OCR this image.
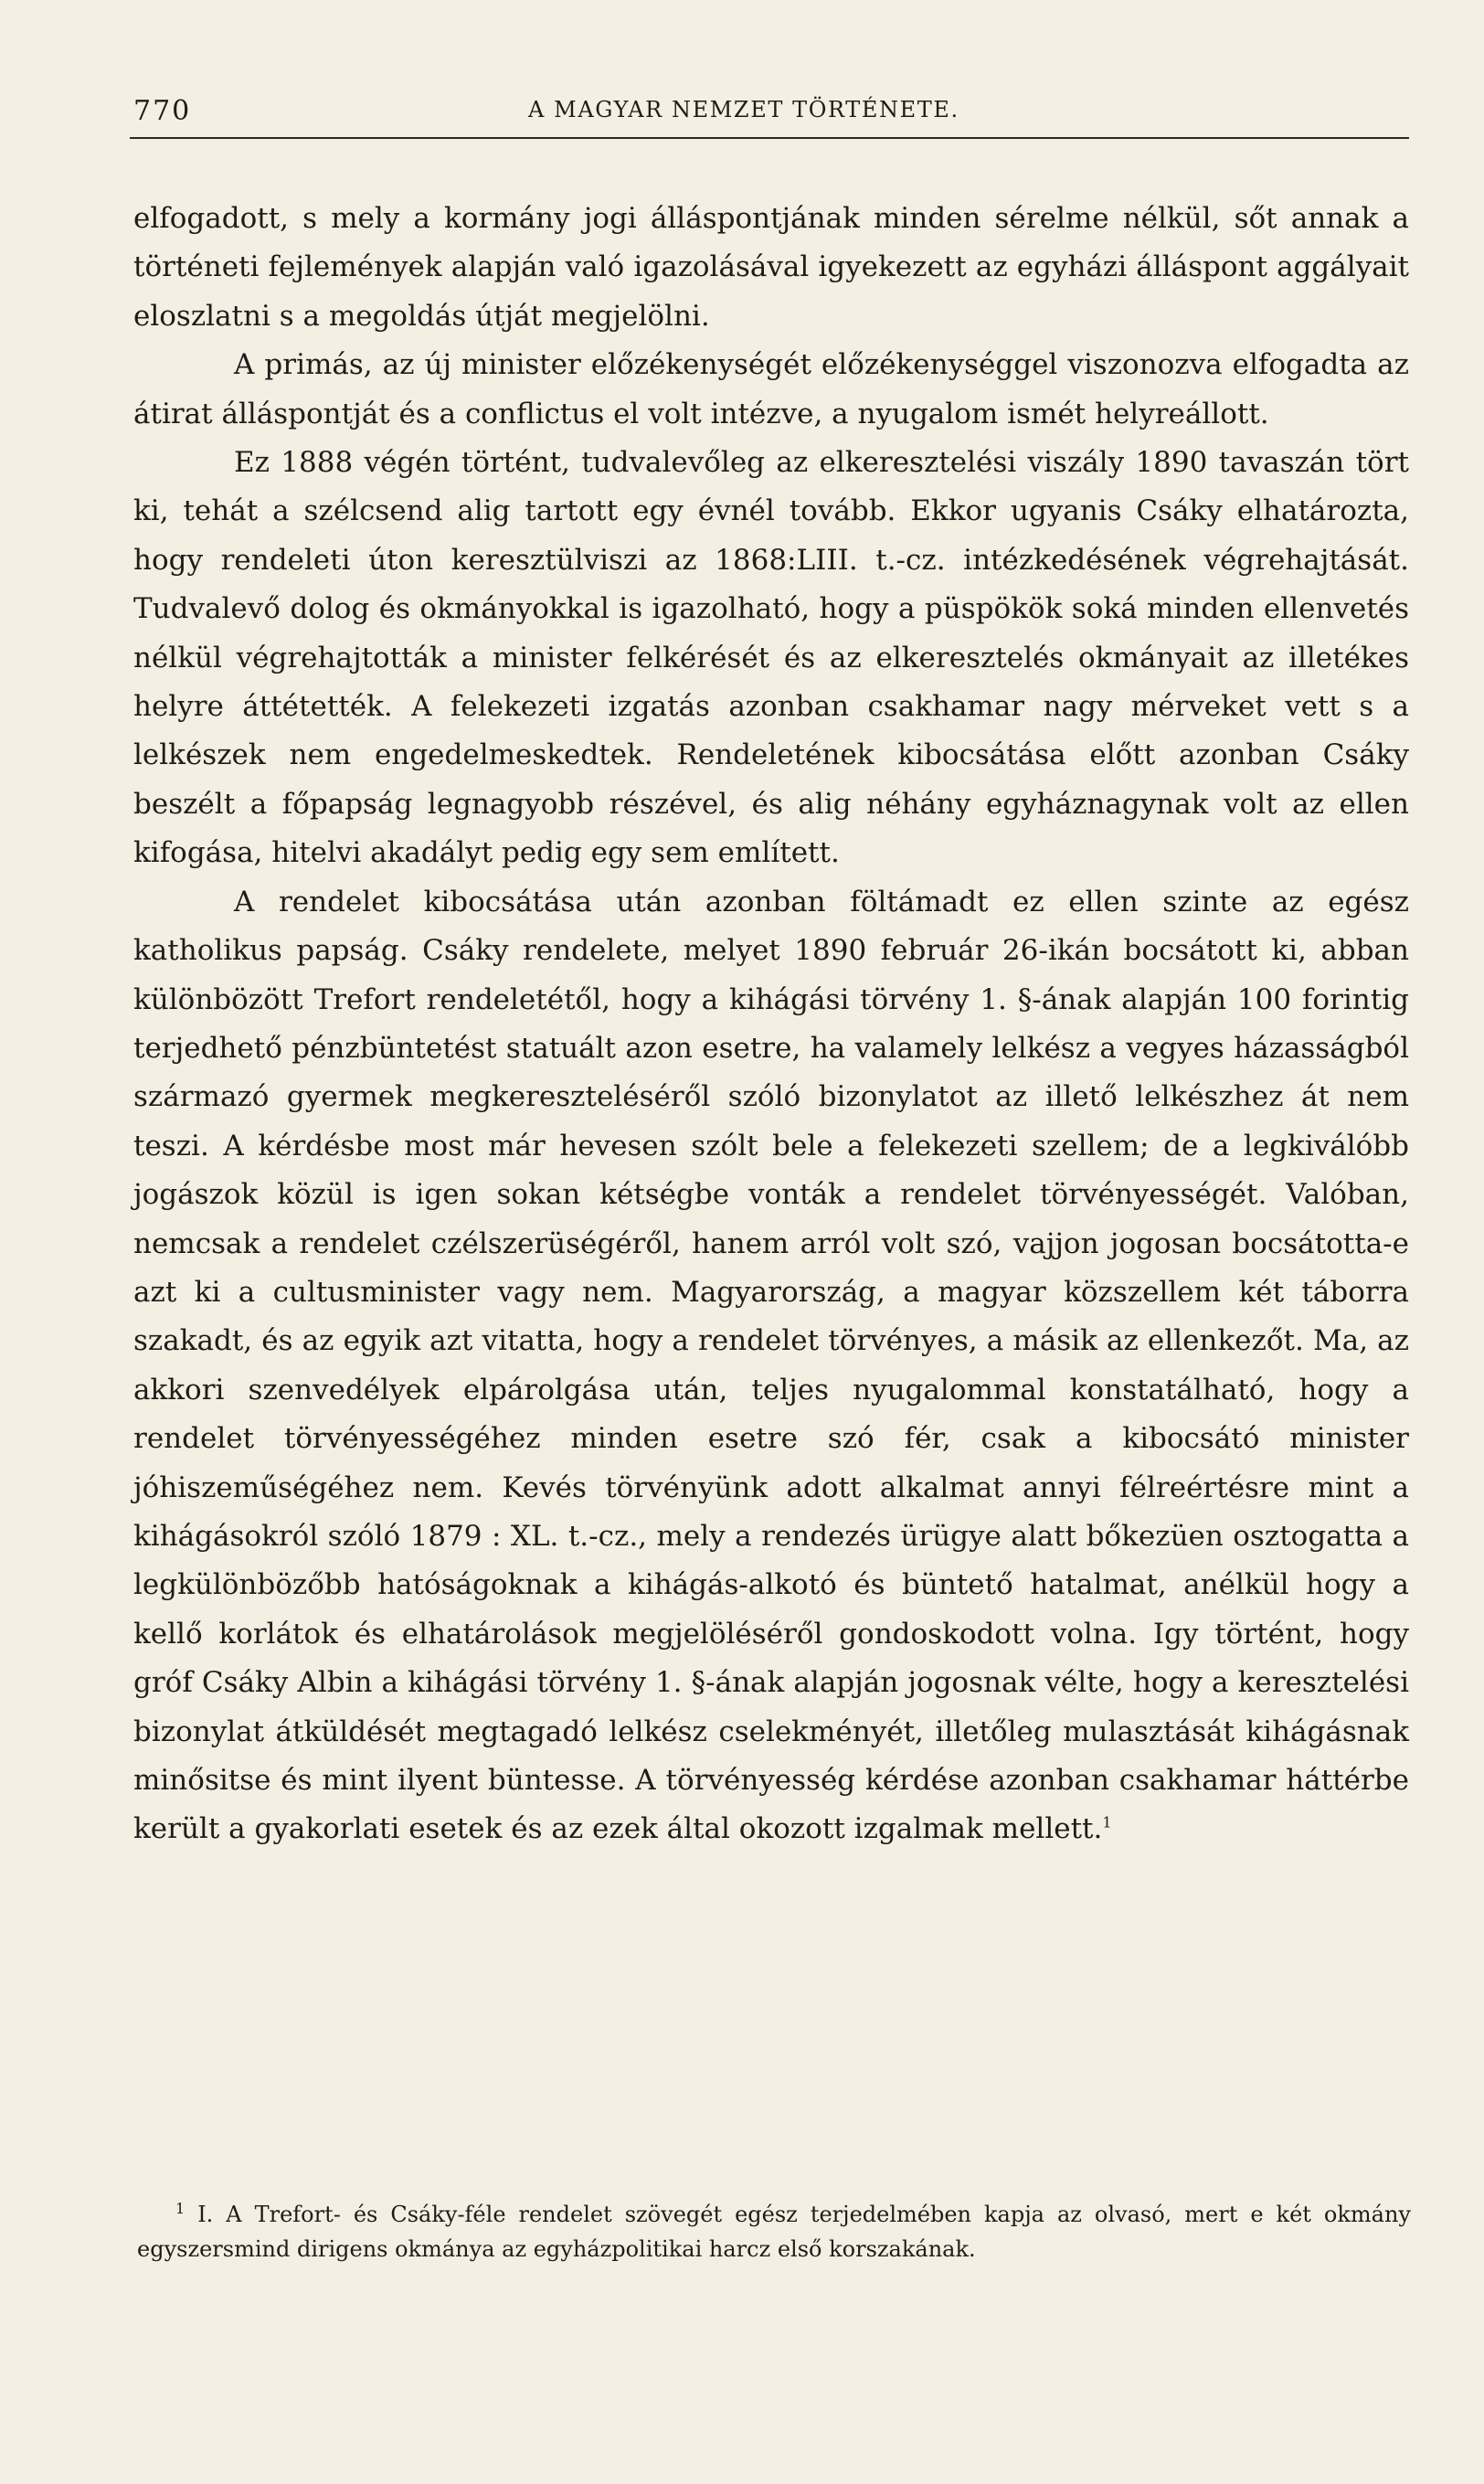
770	A MAGYAR NEMZET TÖRTÉNETE.

elfogadott, s mely a kormány jogi álláspontjának minden sérelme nélkül, sőt annak a történeti fejlemények alapján való igazolásával igyekezett az egyházi álláspont aggályait eloszlatni s a megoldás útját megjelölni.

A primás, az új minister előzékenységét előzékenységgel viszonozva elfogadta az átirat álláspontját és a conflictus el volt intézve, a nyugalom ismét helyreállott.

Ez 1888 végén történt, tudvalevőleg az elkeresztelési viszály 1890 tavaszán tört ki, tehát a szélcsend alig tartott egy évnél tovább. Ekkor ugyanis Csáky elhatározta, hogy rendeleti úton keresztülviszi az 1868:LIII. t.-cz. intézkedésének végrehajtását. Tudvalevő dolog és okmányokkal is igazolható, hogy a püspökök soká minden ellenvetés nélkül végrehajtották a minister felkérését és az elkeresztelés okmányait az illetékes helyre áttétették. A felekezeti izgatás azonban csakhamar nagy mérveket vett s a lelkészek nem engedelmeskedtek. Rendeletének kibocsátása előtt azonban Csáky beszélt a főpapság legnagyobb részével, és alig néhány egyháznagynak volt az ellen kifogása, hitelvi akadályt pedig egy sem említett.

A rendelet kibocsátása után azonban föltámadt ez ellen szinte az egész katholikus papság. Csáky rendelete, melyet 1890 február 26-ikán bocsátott ki, abban különbözött Trefort rendeletétől, hogy a kihágási törvény 1. §-ának alapján 100 forintig terjedhető pénzbüntetést statuált azon esetre, ha valamely lelkész a vegyes házasságból származó gyermek megkereszteléséről szóló bizonylatot az illető lelkészhez át nem teszi. A kérdésbe most már hevesen szólt bele a felekezeti szellem; de a legkiválóbb jogászok közül is igen sokan kétségbe vonták a rendelet törvényességét. Valóban, nemcsak a rendelet czélszerüségéről, hanem arról volt szó, vajjon jogosan bocsátotta-e azt ki a cultusminister vagy nem. Magyarország, a magyar közszellem két táborra szakadt, és az egyik azt vitatta, hogy a rendelet törvényes, a másik az ellenkezőt. Ma, az akkori szenvedélyek elpárolgása után, teljes nyugalommal konstatálható, hogy a rendelet törvényességéhez minden esetre szó fér, csak a kibocsátó minister jóhiszeműségéhez nem. Kevés törvényünk adott alkalmat annyi félreértésre mint a kihágásokról szóló 1879 : XL. t.-cz., mely a rendezés ürügye alatt bőkezüen osztogatta a legkülönbözőbb hatóságoknak a kihágás-alkotó és büntető hatalmat, anélkül hogy a kellő korlátok és elhatárolások megjelöléséről gondoskodott volna. Igy történt, hogy gróf Csáky Albin a kihágási törvény 1. §-ának alapján jogosnak vélte, hogy a keresztelési bizonylat átküldését megtagadó lelkész cselekményét, illetőleg mulasztását kihágásnak minősitse és mint ilyent büntesse. A törvényesség kérdése azonban csakhamar háttérbe került a gyakorlati esetek és az ezek által okozott izgalmak mellett.$^1$

$^1$ I. A Trefort- és Csáky-féle rendelet szövegét egész terjedelmében kapja az olvasó, mert e két okmány egyszersmind dirigens okmánya az egyházpolitikai harcz első korszakának.
